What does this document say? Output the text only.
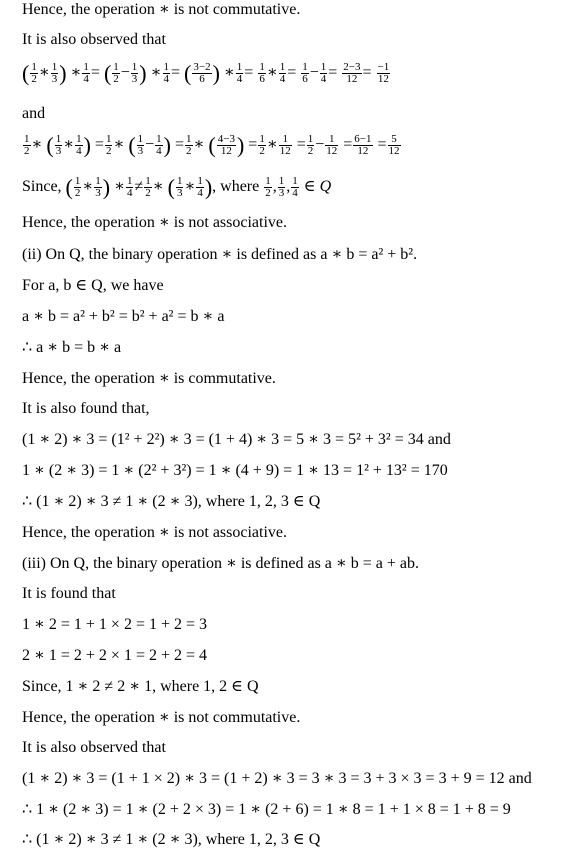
Hence, the operation ∗ is not commutative.
It is also observed that
( $\frac{1}{2}$ ∗ $\frac{1}{3}$ ) ∗ $\frac{1}{4}$ = ( $\frac{1}{2} - \frac{1}{3}$ ) ∗ $\frac{1}{4}$ = ( $\frac{3-2}{6}$ ) ∗ $\frac{1}{4} = \frac{1}{6}$ ∗ $\frac{1}{4} = \frac{1}{6} - \frac{1}{4} = \frac{2-3}{12} = \frac{-1}{12}$
and
$\frac{1}{2}$ ∗ ( $\frac{1}{3}$ ∗ $\frac{1}{4}$ ) = $\frac{1}{2}$ ∗ ( $\frac{1}{3} - \frac{1}{4}$ ) = $\frac{1}{2}$ ∗ ( $\frac{4-3}{12}$ ) = $\frac{1}{2}$ ∗ $\frac{1}{12} = \frac{1}{2} - \frac{1}{12} = \frac{6-1}{12} = \frac{5}{12}$
Since, ( $\frac{1}{2}$ ∗ $\frac{1}{3}$ ) ∗ $\frac{1}{4} \ne \frac{1}{2}$ ∗ ( $\frac{1}{3}$ ∗ $\frac{1}{4}$ ), where $\frac{1}{2}$ , $\frac{1}{3}$ , $\frac{1}{4}$ ∈ Q
Hence, the operation ∗ is not associative.
(ii) On Q, the binary operation ∗ is defined as a ∗ b = a² + b².
For a, b ∈ Q, we have
a ∗ b = a² + b² = b² + a² = b ∗ a
∴ a ∗ b = b ∗ a
Hence, the operation ∗ is commutative.
It is also found that,
(1 ∗ 2) ∗ 3 = (1² + 2²) ∗ 3 = (1 + 4) ∗ 3 = 5 ∗ 3 = 5² + 3² = 34 and
1 ∗ (2 ∗ 3) = 1 ∗ (2² + 3²) = 1 ∗ (4 + 9) = 1 ∗ 13 = 1² + 13² = 170
∴ (1 ∗ 2) ∗ 3 ≠ 1 ∗ (2 ∗ 3), where 1, 2, 3 ∈ Q
Hence, the operation ∗ is not associative.
(iii) On Q, the binary operation ∗ is defined as a ∗ b = a + ab.
It is found that
1 ∗ 2 = 1 + 1 × 2 = 1 + 2 = 3
2 ∗ 1 = 2 + 2 × 1 = 2 + 2 = 4
Since, 1 ∗ 2 ≠ 2 ∗ 1, where 1, 2 ∈ Q
Hence, the operation ∗ is not commutative.
It is also observed that
(1 ∗ 2) ∗ 3 = (1 + 1 × 2) ∗ 3 = (1 + 2) ∗ 3 = 3 ∗ 3 = 3 + 3 × 3 = 3 + 9 = 12 and
∴ 1 ∗ (2 ∗ 3) = 1 ∗ (2 + 2 × 3) = 1 ∗ (2 + 6) = 1 ∗ 8 = 1 + 1 × 8 = 1 + 8 = 9
∴ (1 ∗ 2) ∗ 3 ≠ 1 ∗ (2 ∗ 3), where 1, 2, 3 ∈ Q
